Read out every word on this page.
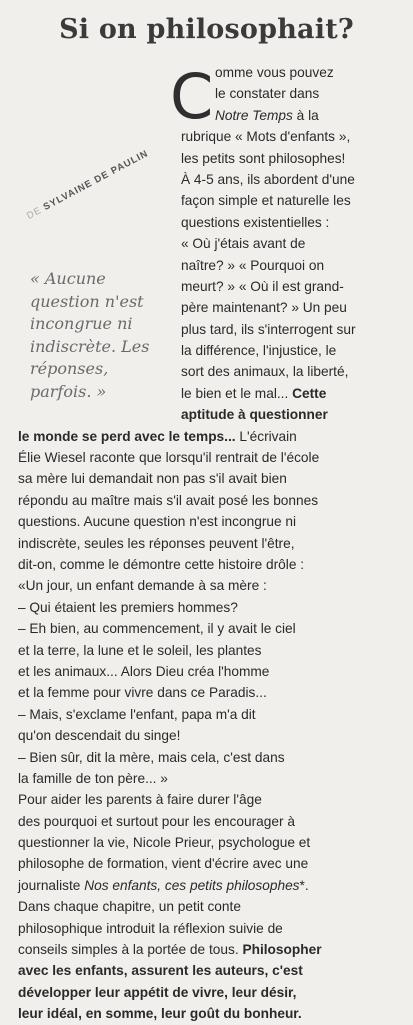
Si on philosophait?
DE SYLVAINE DE PAULIN

« Aucune question n'est incongrue ni indiscrète. Les réponses, parfois. »

C omme vous pouvez
le constater dans
Notre Temps à la
rubrique « Mots d'enfants »,
les petits sont philosophes!
À 4-5 ans, ils abordent d'une
façon simple et naturelle les
questions existentielles :
« Où j'étais avant de
naître? » « Pourquoi on
meurt? » « Où il est grand-
père maintenant? » Un peu
plus tard, ils s'interrogent sur
la différence, l'injustice, le
sort des animaux, la liberté,
le bien et le mal... Cette
aptitude à questionner
le monde se perd avec le temps... L'écrivain
Élie Wiesel raconte que lorsqu'il rentrait de l'école
sa mère lui demandait non pas s'il avait bien
répondu au maître mais s'il avait posé les bonnes
questions. Aucune question n'est incongrue ni
indiscrète, seules les réponses peuvent l'être,
dit-on, comme le démontre cette histoire drôle :
«Un jour, un enfant demande à sa mère :
– Qui étaient les premiers hommes?
– Eh bien, au commencement, il y avait le ciel
et la terre, la lune et le soleil, les plantes
et les animaux... Alors Dieu créa l'homme
et la femme pour vivre dans ce Paradis...
– Mais, s'exclame l'enfant, papa m'a dit
qu'on descendait du singe!
– Bien sûr, dit la mère, mais cela, c'est dans
la famille de ton père... »
Pour aider les parents à faire durer l'âge
des pourquoi et surtout pour les encourager à
questionner la vie, Nicole Prieur, psychologue et
philosophe de formation, vient d'écrire avec une
journaliste Nos enfants, ces petits philosophes*.
Dans chaque chapitre, un petit conte
philosophique introduit la réflexion suivie de
conseils simples à la portée de tous. Philosopher
avec les enfants, assurent les auteurs, c'est
développer leur appétit de vivre, leur désir,
leur idéal, en somme, leur goût du bonheur.
